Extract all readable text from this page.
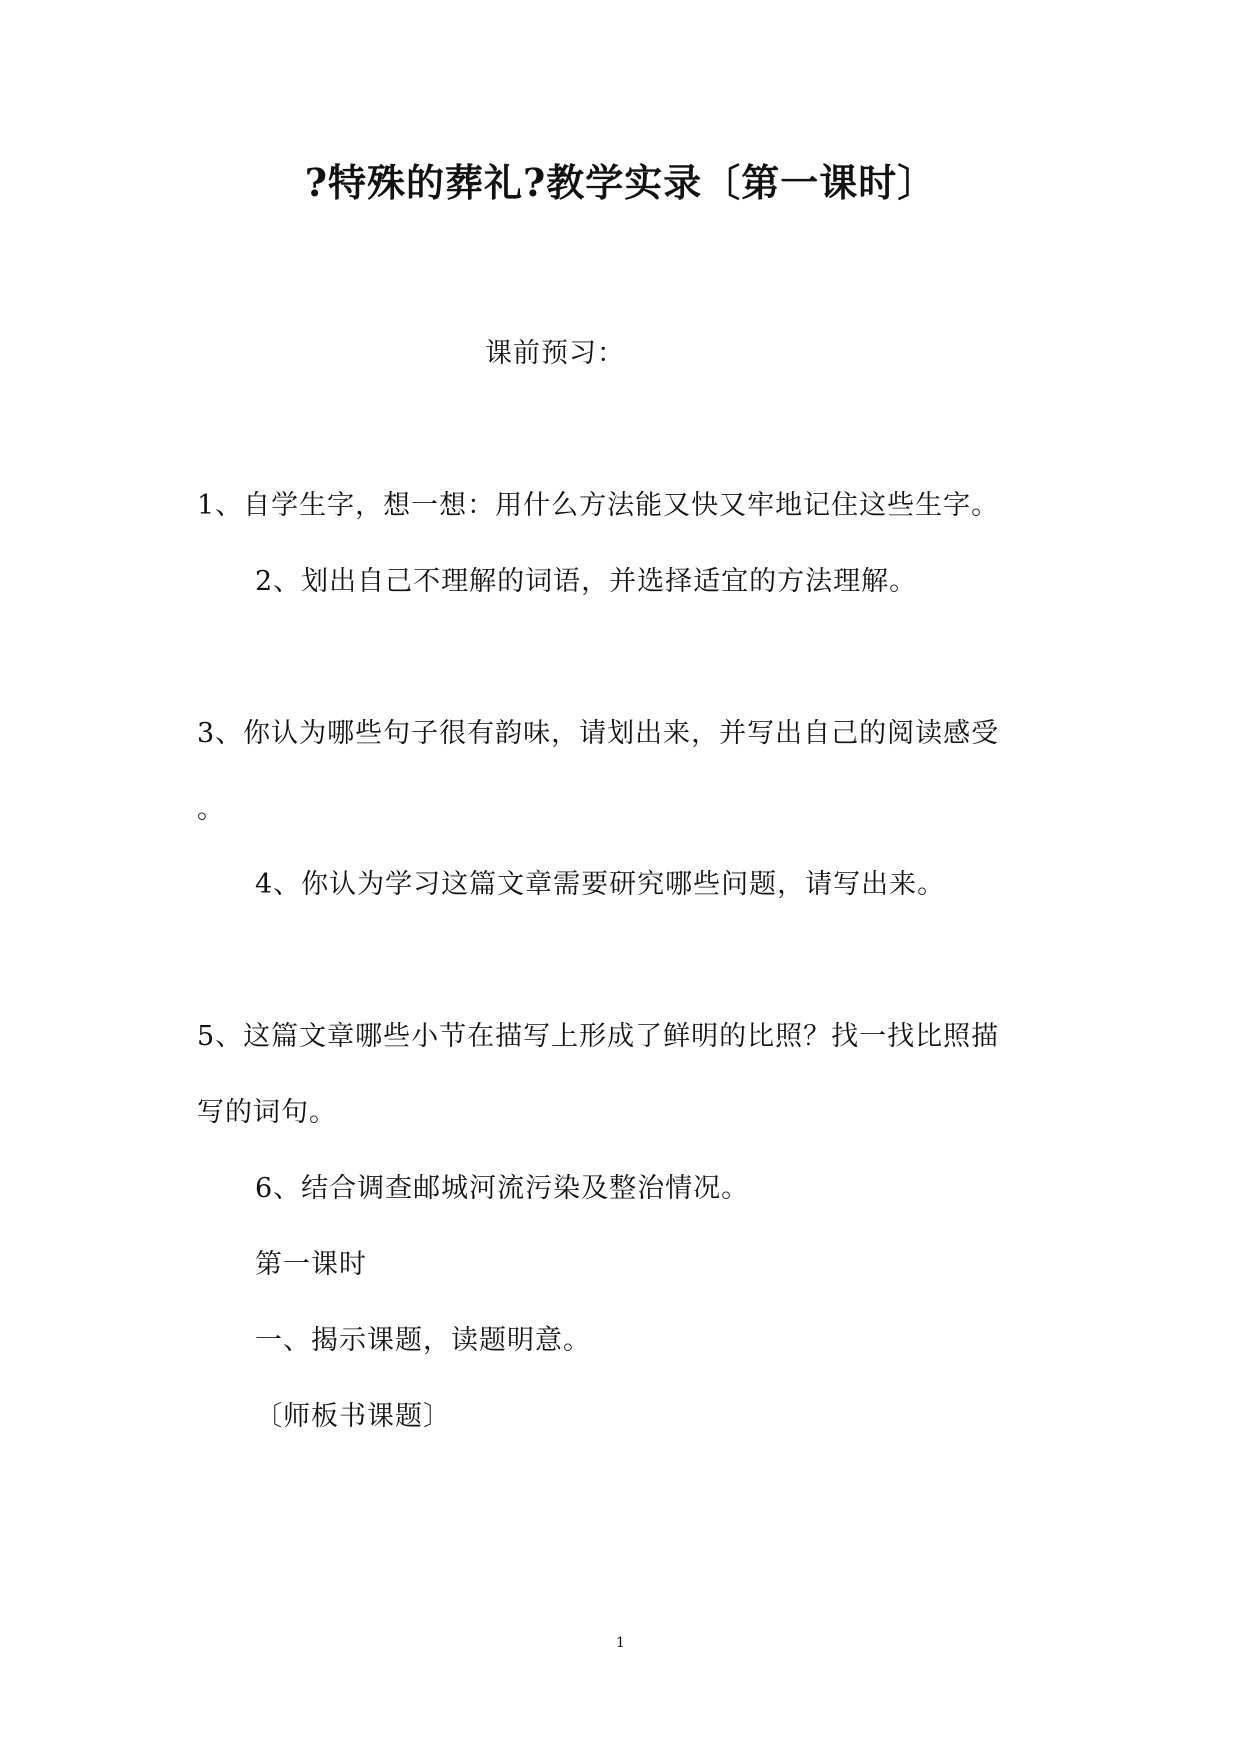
?特殊的葬礼?教学实录〔第一课时〕
课前预习：
1、自学生字，想一想：用什么方法能又快又牢地记住这些生字。
2、划出自己不理解的词语，并选择适宜的方法理解。
3、你认为哪些句子很有韵味，请划出来，并写出自己的阅读感受
。
4、你认为学习这篇文章需要研究哪些问题，请写出来。
5、这篇文章哪些小节在描写上形成了鲜明的比照？找一找比照描
写的词句。
6、结合调查邮城河流污染及整治情况。
第一课时
一、揭示课题，读题明意。
〔师板书课题〕
1
